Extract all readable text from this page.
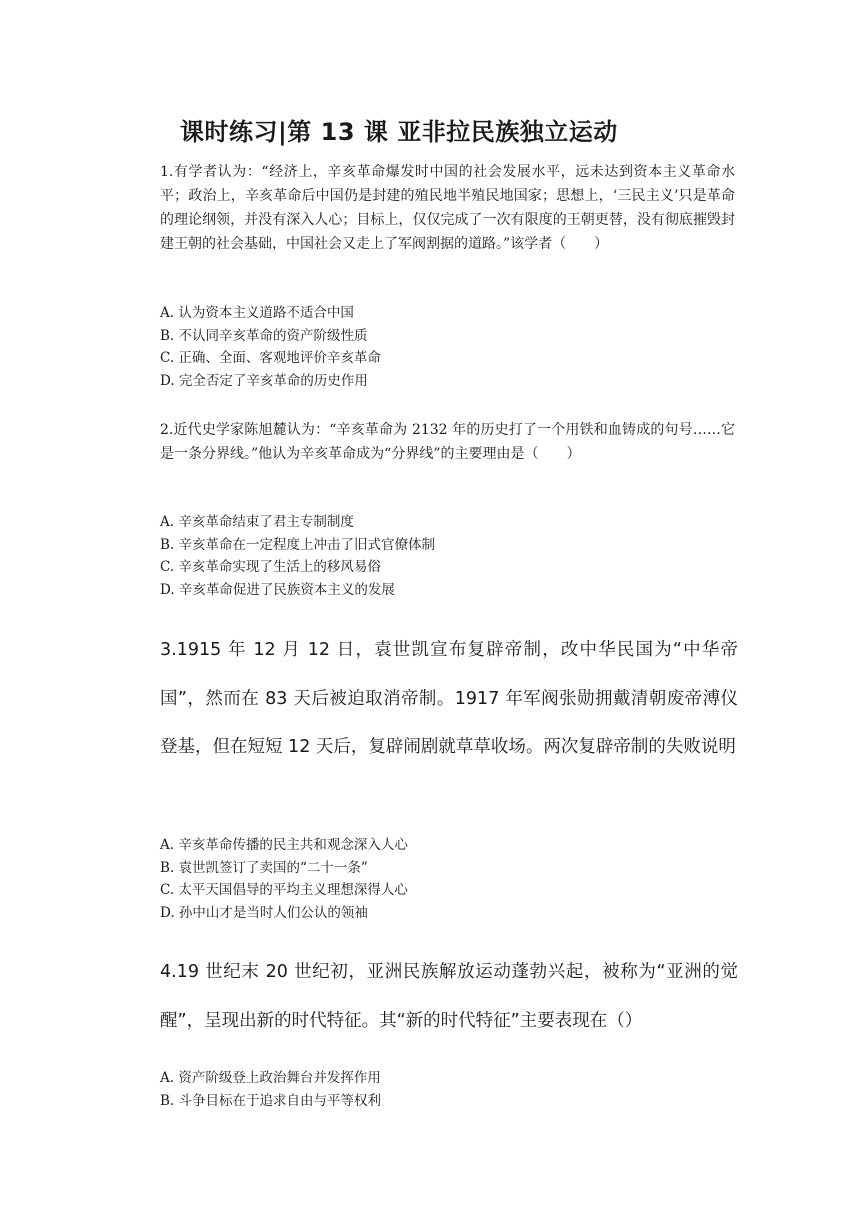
课时练习|第 13 课 亚非拉民族独立运动
1.有学者认为：“经济上，辛亥革命爆发时中国的社会发展水平，远未达到资本主义革命水平；政治上，辛亥革命后中国仍是封建的殖民地半殖民地国家；思想上，‘三民主义’只是革命的理论纲领，并没有深入人心；目标上，仅仅完成了一次有限度的王朝更替，没有彻底摧毁封建王朝的社会基础，中国社会又走上了军阀割据的道路。”该学者（　　）
A. 认为资本主义道路不适合中国
B. 不认同辛亥革命的资产阶级性质
C. 正确、全面、客观地评价辛亥革命
D. 完全否定了辛亥革命的历史作用
2.近代史学家陈旭麓认为：“辛亥革命为 2132 年的历史打了一个用铁和血铸成的句号……它是一条分界线。”他认为辛亥革命成为“分界线”的主要理由是（　　）
A. 辛亥革命结束了君主专制制度
B. 辛亥革命在一定程度上冲击了旧式官僚体制
C. 辛亥革命实现了生活上的移风易俗
D. 辛亥革命促进了民族资本主义的发展
3.1915 年 12 月 12 日，袁世凯宣布复辟帝制，改中华民国为“中华帝国”，然而在 83 天后被迫取消帝制。1917 年军阀张勋拥戴清朝废帝溥仪登基，但在短短 12 天后，复辟闹剧就草草收场。两次复辟帝制的失败说明
A. 辛亥革命传播的民主共和观念深入人心
B. 袁世凯签订了卖国的“二十一条”
C. 太平天国倡导的平均主义理想深得人心
D. 孙中山才是当时人们公认的领袖
4.19 世纪末 20 世纪初，亚洲民族解放运动蓬勃兴起，被称为“亚洲的觉醒”，呈现出新的时代特征。其“新的时代特征”主要表现在（）
A. 资产阶级登上政治舞台并发挥作用
B. 斗争目标在于追求自由与平等权利
